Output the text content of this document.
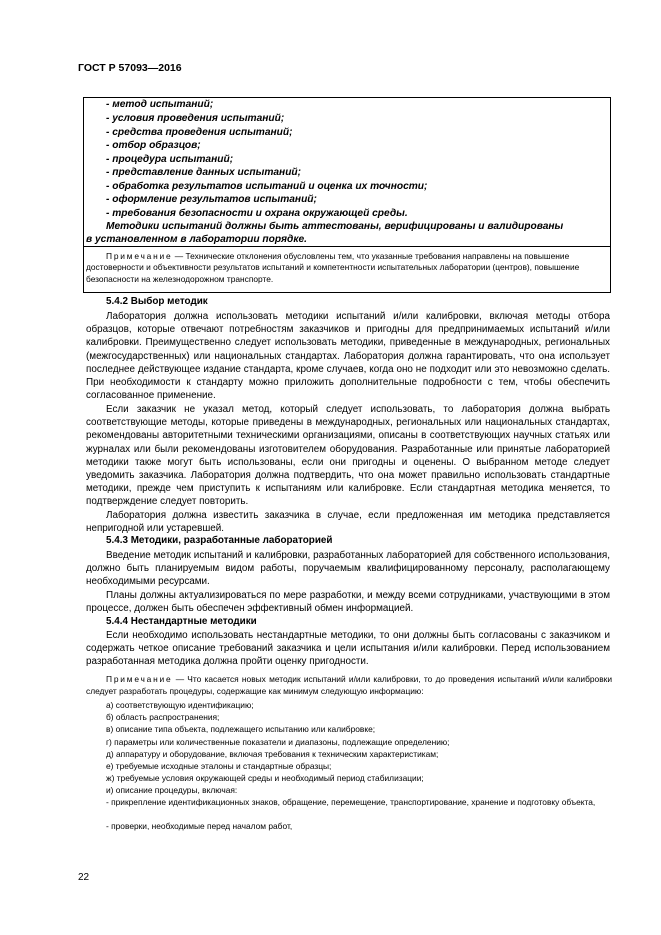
ГОСТ Р 57093—2016
- метод испытаний;
- условия проведения испытаний;
- средства проведения испытаний;
- отбор образцов;
- процедура испытаний;
- представление данных испытаний;
- обработка результатов испытаний и оценка их точности;
- оформление результатов испытаний;
- требования безопасности и охрана окружающей среды.
Методики испытаний должны быть аттестованы, верифицированы и валидированы
в установленном в лаборатории порядке.
Примечание — Технические отклонения обусловлены тем, что указанные требования направлены на повышение достоверности и объективности результатов испытаний и компетентности испытательных лаборатории (центров), повышение безопасности на железнодорожном транспорте.
5.4.2 Выбор методик
Лаборатория должна использовать методики испытаний и/или калибровки, включая методы отбора образцов, которые отвечают потребностям заказчиков и пригодны для предпринимаемых испытаний и/или калибровки. Преимущественно следует использовать методики, приведенные в международных, региональных (межгосударственных) или национальных стандартах. Лаборатория должна гарантировать, что она использует последнее действующее издание стандарта, кроме случаев, когда оно не подходит или это невозможно сделать. При необходимости к стандарту можно приложить дополнительные подробности с тем, чтобы обеспечить согласованное применение.
Если заказчик не указал метод, который следует использовать, то лаборатория должна выбрать соответствующие методы, которые приведены в международных, региональных или национальных стандартах, рекомендованы авторитетными техническими организациями, описаны в соответствующих научных статьях или журналах или были рекомендованы изготовителем оборудования. Разработанные или принятые лабораторией методики также могут быть использованы, если они пригодны и оценены. О выбранном методе следует уведомить заказчика. Лаборатория должна подтвердить, что она может правильно использовать стандартные методики, прежде чем приступить к испытаниям или калибровке. Если стандартная методика меняется, то подтверждение следует повторить.
Лаборатория должна известить заказчика в случае, если предложенная им методика представляется непригодной или устаревшей.
5.4.3 Методики, разработанные лабораторией
Введение методик испытаний и калибровки, разработанных лабораторией для собственного использования, должно быть планируемым видом работы, поручаемым квалифицированному персоналу, располагающему необходимыми ресурсами.
Планы должны актуализироваться по мере разработки, и между всеми сотрудниками, участвующими в этом процессе, должен быть обеспечен эффективный обмен информацией.
5.4.4 Нестандартные методики
Если необходимо использовать нестандартные методики, то они должны быть согласованы с заказчиком и содержать четкое описание требований заказчика и цели испытания и/или калибровки. Перед использованием разработанная методика должна пройти оценку пригодности.
Примечание — Что касается новых методик испытаний и/или калибровки, то до проведения испытаний и/или калибровки следует разработать процедуры, содержащие как минимум следующую информацию:
а) соответствующую идентификацию;
б) область распространения;
в) описание типа объекта, подлежащего испытанию или калибровке;
г) параметры или количественные показатели и диапазоны, подлежащие определению;
д) аппаратуру и оборудование, включая требования к техническим характеристикам;
е) требуемые исходные эталоны и стандартные образцы;
ж) требуемые условия окружающей среды и необходимый период стабилизации;
и) описание процедуры, включая:
- прикрепление идентификационных знаков, обращение, перемещение, транспортирование, хранение и подготовку объекта,
- проверки, необходимые перед началом работ,
22
